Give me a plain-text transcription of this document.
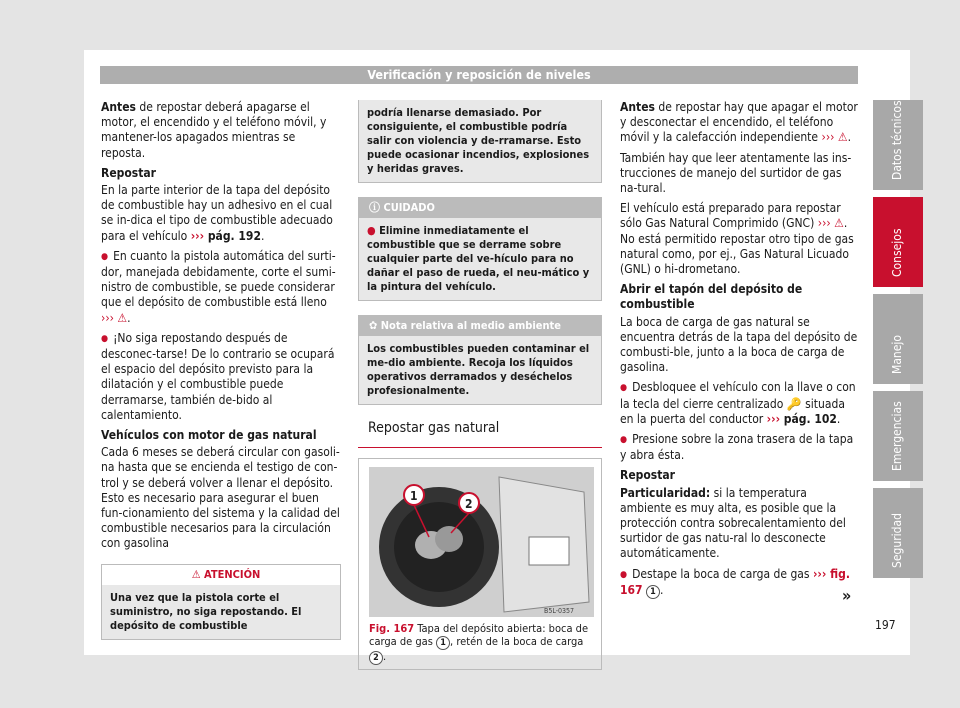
Verificación y reposición de niveles

Antes de repostar deberá apagarse el motor, el encendido y el teléfono móvil, y mantener-los apagados mientras se reposta.

Repostar

En la parte interior de la tapa del depósito de combustible hay un adhesivo en el cual se in-dica el tipo de combustible adecuado para el vehículo ››› pág. 192.

● En cuanto la pistola automática del surti-dor, manejada debidamente, corte el sumi-nistro de combustible, se puede considerar que el depósito de combustible está lleno ››› ⚠.

● ¡No siga repostando después de desconec-tarse! De lo contrario se ocupará el espacio del depósito previsto para la dilatación y el combustible puede derramarse, también de-bido al calentamiento.

Vehículos con motor de gas natural

Cada 6 meses se deberá circular con gasoli-na hasta que se encienda el testigo de con-trol y se deberá volver a llenar el depósito. Esto es necesario para asegurar el buen fun-cionamiento del sistema y la calidad del combustible necesarios para la circulación con gasolina

⚠ ATENCIÓN
Una vez que la pistola corte el suministro, no siga repostando. El depósito de combustible
podría llenarse demasiado. Por consiguiente, el combustible podría salir con violencia y de-rramarse. Esto puede ocasionar incendios, explosiones y heridas graves.
ⓘ CUIDADO
● Elimine inmediatamente el combustible que se derrame sobre cualquier parte del ve-hículo para no dañar el paso de rueda, el neu-mático y la pintura del vehículo.
✿ Nota relativa al medio ambiente
Los combustibles pueden contaminar el me-dio ambiente. Recoja los líquidos operativos derramados y deséchelos profesionalmente.
Repostar gas natural
1
2
B5L-0357
Fig. 167 Tapa del depósito abierta: boca de carga de gas 1 , retén de la boca de carga 2 .

Antes de repostar hay que apagar el motor y desconectar el encendido, el teléfono móvil y la calefacción independiente ››› ⚠.

También hay que leer atentamente las ins-trucciones de manejo del surtidor de gas na-tural.

El vehículo está preparado para repostar sólo Gas Natural Comprimido (GNC) ››› ⚠. No está permitido repostar otro tipo de gas natural como, por ej., Gas Natural Licuado (GNL) o hi-drometano.

Abrir el tapón del depósito de combustible

La boca de carga de gas natural se encuentra detrás de la tapa del depósito de combusti-ble, junto a la boca de carga de gasolina.

● Desbloquee el vehículo con la llave o con la tecla del cierre centralizado 🔑 situada en la puerta del conductor ››› pág. 102.

● Presione sobre la zona trasera de la tapa y abra ésta.

Repostar

Particularidad: si la temperatura ambiente es muy alta, es posible que la protección contra sobrecalentamiento del surtidor de gas natu-ral lo desconecte automáticamente.

● Destape la boca de carga de gas ››› fig. 167 1 .	»
Datos técnicos
Consejos
Manejo
Emergencias
Seguridad
197
